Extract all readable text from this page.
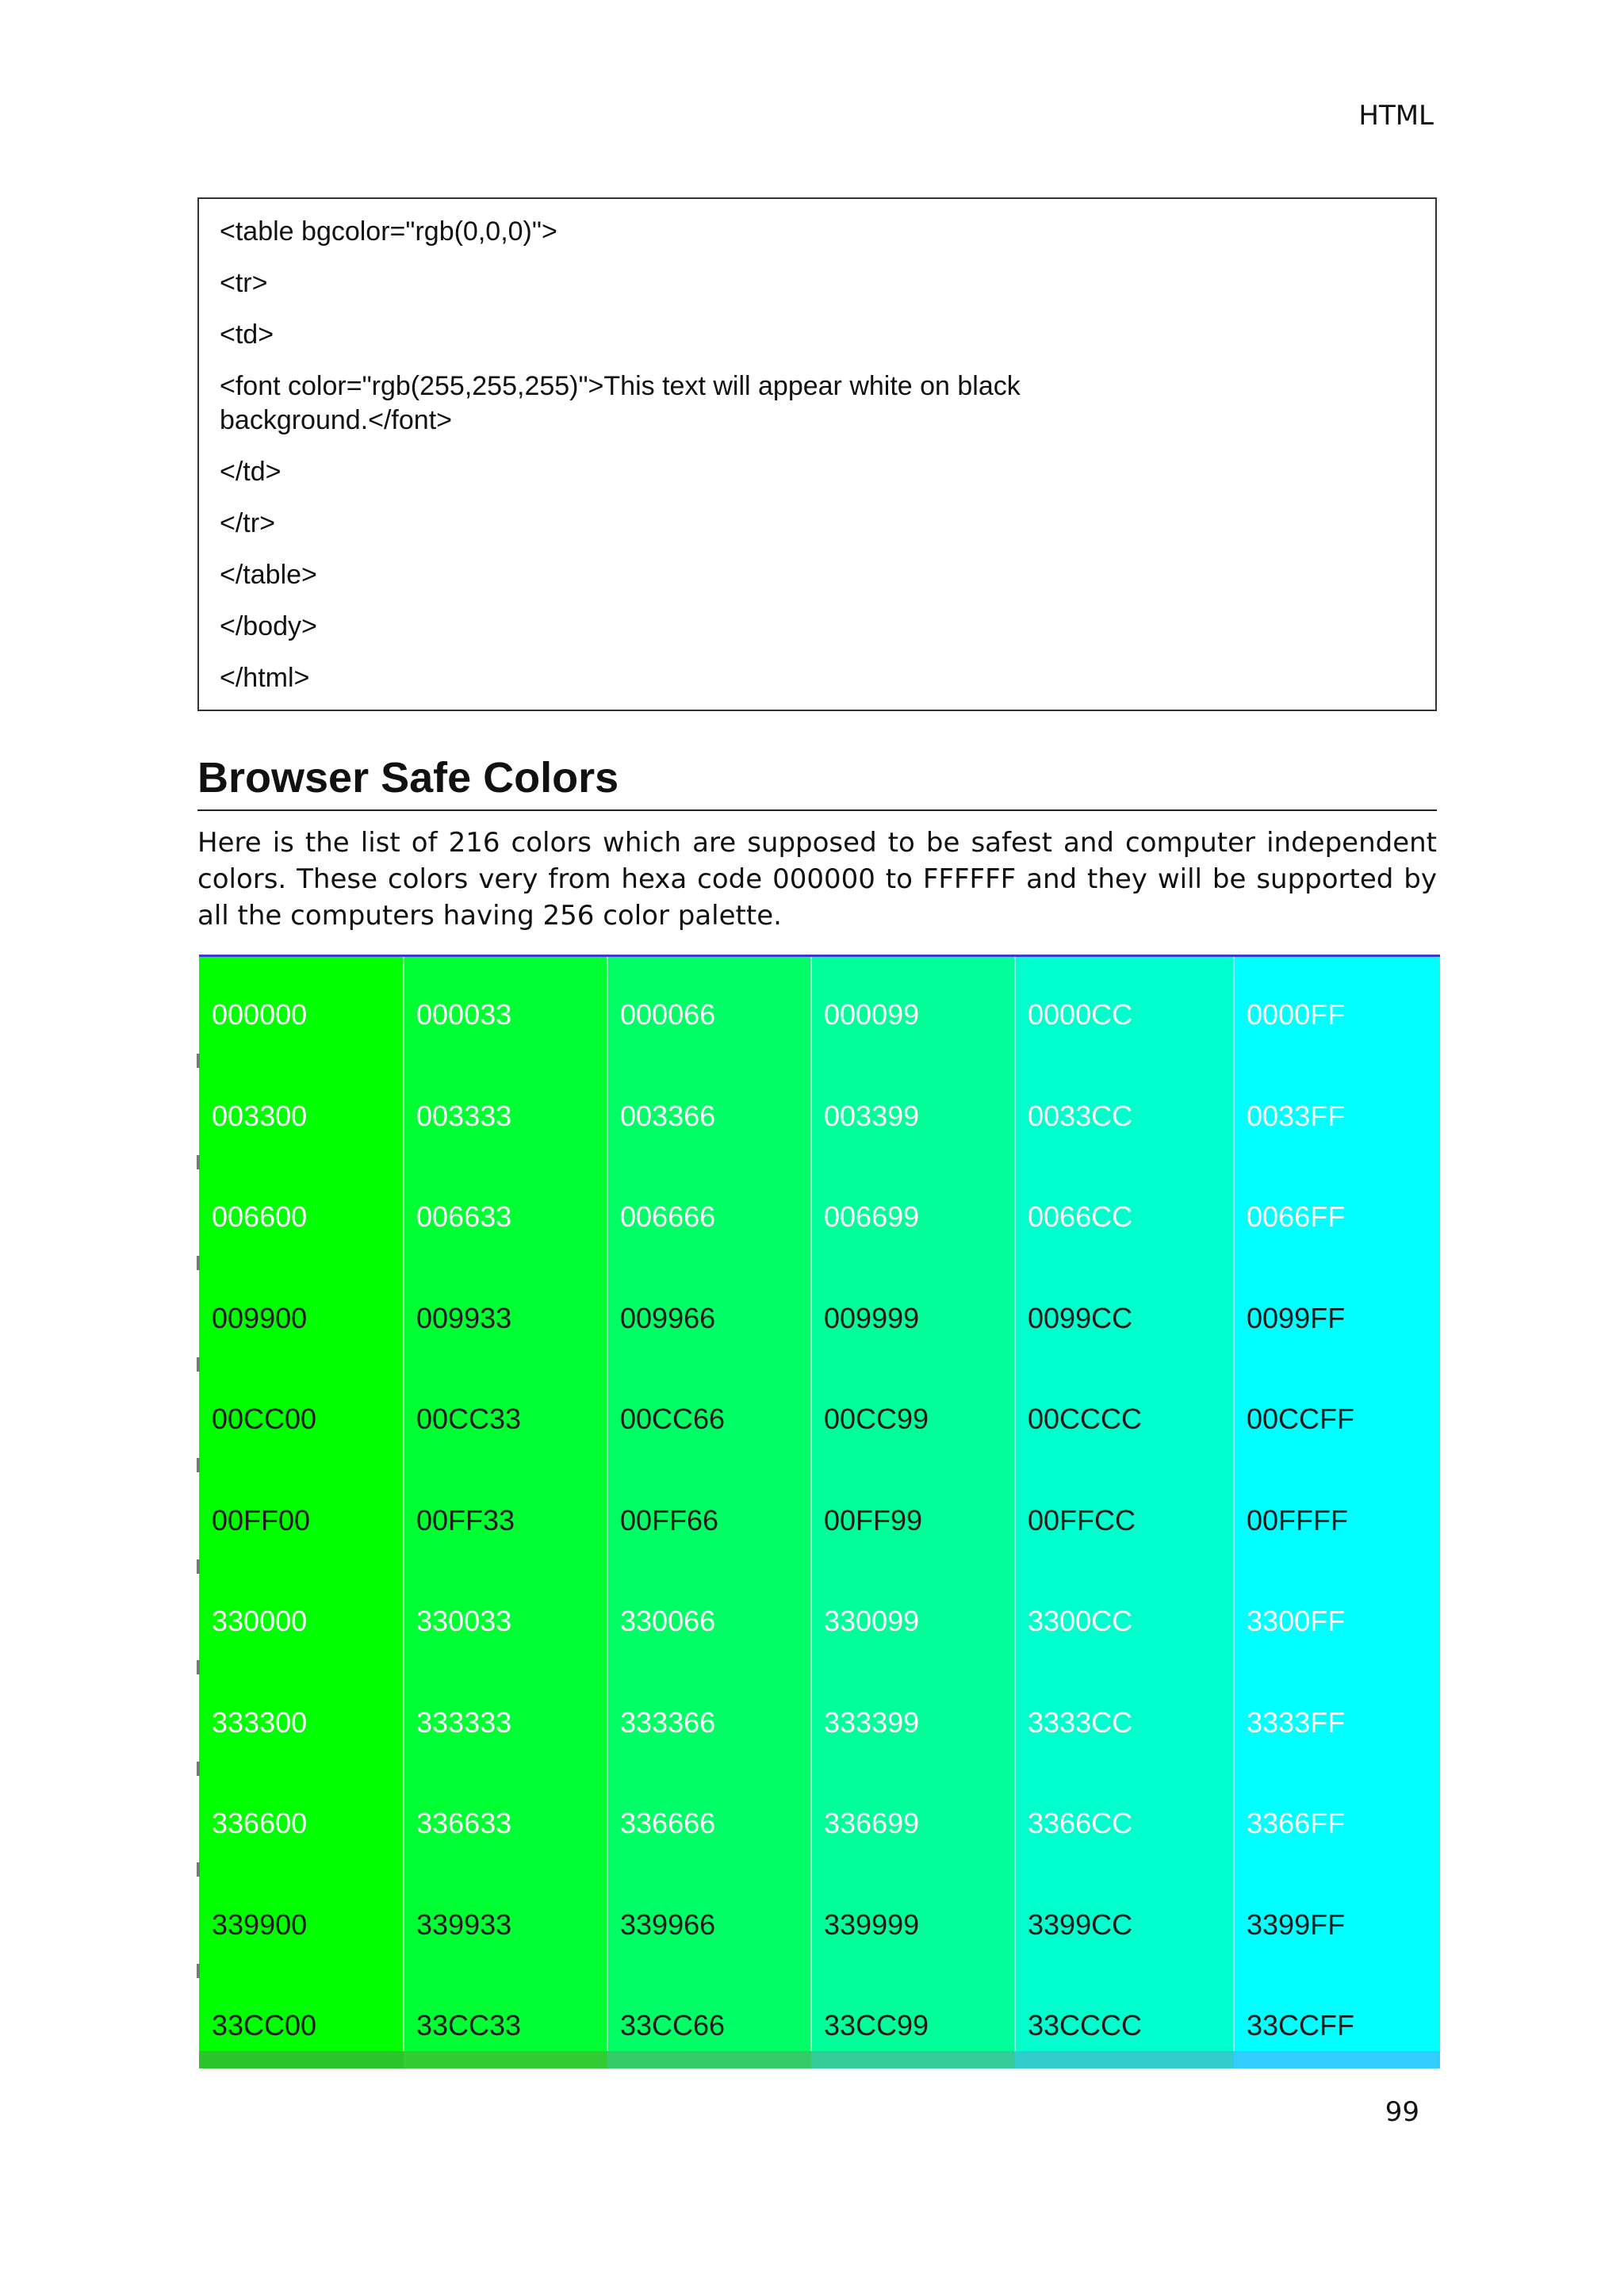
HTML
<table bgcolor="rgb(0,0,0)">
<tr>
<td>
<font color="rgb(255,255,255)">This text will appear white on black
background.</font>
</td>
</tr>
</table>
</body>
</html>
Browser Safe Colors
Here is the list of 216 colors which are supposed to be safest and computer independent colors. These colors very from hexa code 000000 to FFFFFF and they will be supported by all the computers having 256 color palette.
000000	000033	000066	000099	0000CC	0000FF
003300	003333	003366	003399	0033CC	0033FF
006600	006633	006666	006699	0066CC	0066FF
009900	009933	009966	009999	0099CC	0099FF
00CC00	00CC33	00CC66	00CC99	00CCCC	00CCFF
00FF00	00FF33	00FF66	00FF99	00FFCC	00FFFF
330000	330033	330066	330099	3300CC	3300FF
333300	333333	333366	333399	3333CC	3333FF
336600	336633	336666	336699	3366CC	3366FF
339900	339933	339966	339999	3399CC	3399FF
33CC00	33CC33	33CC66	33CC99	33CCCC	33CCFF
99
